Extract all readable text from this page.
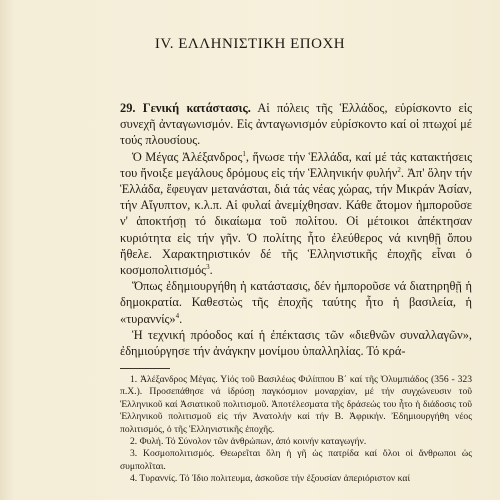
IV. ΕΛΛΗΝΙΣΤΙΚΗ ΕΠΟΧΗ

29. Γενική κατάστασις. Αἱ πόλεις τῆς Ἑλλάδος, εὑρίσκοντο εἰς συνεχῆ ἀνταγωνισμόν. Εἰς ἀνταγωνισμόν εὑρίσκοντο καί οἱ πτωχοί μέ τούς πλουσίους.

Ὁ Μέγας Ἀλέξανδρος$^1$, ἥνωσε τήν Ἑλλάδα, καί μέ τάς κατακτήσεις του ἤνοιξε μεγάλους δρόμους εἰς τήν Ἑλληνικήν φυλήν$^2$. Ἀπ' ὅλην τήν Ἑλλάδα, ἔφευγαν μετανάσται, διά τάς νέας χώρας, τήν Μικράν Ἀσίαν, τήν Αἴγυπτον, κ.λ.π. Αἱ φυλαί ἀνεμίχθησαν. Κάθε ἄτομον ἠμποροῦσε ν' ἀποκτήσῃ τό δικαίωμα τοῦ πολίτου. Οἱ μέτοικοι ἀπέκτησαν κυριότητα εἰς τήν γῆν. Ὁ πολίτης ἦτο ἐλεύθερος νά κινηθῇ ὅπου ἤθελε. Χαρακτηριστικόν δέ τῆς Ἑλληνιστικῆς ἐποχῆς εἶναι ὁ κοσμοπολιτισμός$^3$.

Ὅπως ἐδημιουργήθη ἡ κατάστασις, δέν ἠμποροῦσε νά διατηρηθῇ ἡ δημοκρατία. Καθεστὼς τῆς ἐποχῆς ταύτης ἦτο ἡ βασιλεία, ἡ «τυραννίς»$^4$.

Ἡ τεχνική πρόοδος καί ἡ ἐπέκτασις τῶν «διεθνῶν συναλλαγῶν», ἐδημιούργησε τήν ἀνάγκην μονίμου ὑπαλληλίας. Τό κρά-

1. Ἀλέξανδρος Μέγας. Υἱός τοῦ Βασιλέως Φιλίππου Β΄ καί τῆς Ὀλυμπιάδος (356 - 323 π.Χ.). Προσεπάθησε νά ἱδρύσῃ παγκόσμιον μοναρχίαν, μέ τήν συγχώνευσιν τοῦ Ἑλληνικοῦ καί Ἀσιατικοῦ πολιτισμοῦ. Ἀποτέλεσματα τῆς δράσεώς του ἦτο ἡ διάδοσις τοῦ Ἑλληνικοῦ πολιτισμοῦ εἰς τήν Ἀνατολήν καί τήν Β. Ἀφρικήν. Ἐδημιουργήθη νέος πολιτισμός, ὁ τῆς Ἑλληνιστικῆς ἐποχῆς.

2. Φυλή. Τό Σύνολον τῶν ἀνθρώπων, ἀπό κοινήν καταγωγήν.

3. Κοσμοπολιτισμός. Θεωρεῖται ὅλη ἡ γῆ ὡς πατρίδα καί ὅλοι οἱ ἄνθρωποι ὡς συμπολῖται.

4. Τυραννίς. Τό Ἰδιο πολιτευμα, ἀσκοῦσε τήν ἐξουσίαν ἀπεριόριστον καί
